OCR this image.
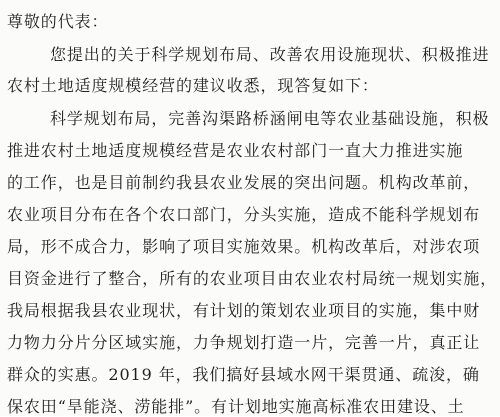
尊敬的代表：
您提出的关于科学规划布局、改善农用设施现状、积极推进
农村土地适度规模经营的建议收悉，现答复如下：
科学规划布局，完善沟渠路桥涵闸电等农业基础设施，积极
推进农村土地适度规模经营是农业农村部门一直大力推进实施
的工作，也是目前制约我县农业发展的突出问题。机构改革前，
农业项目分布在各个农口部门，分头实施，造成不能科学规划布
局，形不成合力，影响了项目实施效果。机构改革后，对涉农项
目资金进行了整合，所有的农业项目由农业农村局统一规划实施，
我局根据我县农业现状，有计划的策划农业项目的实施，集中财
力物力分片分区域实施，力争规划打造一片，完善一片，真正让
群众的实惠。2019 年，我们搞好县域水网干渠贯通、疏浚，确
保农田“旱能浇、涝能排”。有计划地实施高标准农田建设、土
